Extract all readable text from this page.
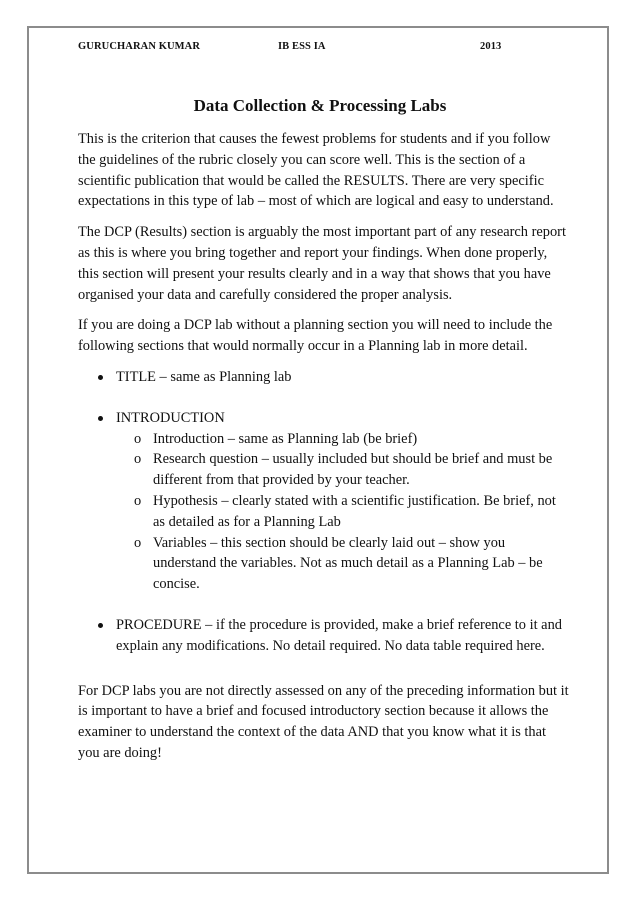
GURUCHARAN KUMAR	IB ESS IA	2013
Data Collection & Processing Labs

This is the criterion that causes the fewest problems for students and if you follow the guidelines of the rubric closely you can score well. This is the section of a scientific publication that would be called the RESULTS. There are very specific expectations in this type of lab – most of which are logical and easy to understand.

The DCP (Results) section is arguably the most important part of any research report as this is where you bring together and report your findings. When done properly, this section will present your results clearly and in a way that shows that you have organised your data and carefully considered the proper analysis.

If you are doing a DCP lab without a planning section you will need to include the following sections that would normally occur in a Planning lab in more detail.

TITLE – same as Planning lab
INTRODUCTION
o Introduction – same as Planning lab (be brief)
o Research question – usually included but should be brief and must be different from that provided by your teacher.
o Hypothesis – clearly stated with a scientific justification. Be brief, not as detailed as for a Planning Lab
o Variables – this section should be clearly laid out – show you understand the variables. Not as much detail as a Planning Lab – be concise.
PROCEDURE – if the procedure is provided, make a brief reference to it and explain any modifications. No detail required. No data table required here.

For DCP labs you are not directly assessed on any of the preceding information but it is important to have a brief and focused introductory section because it allows the examiner to understand the context of the data AND that you know what it is that you are doing!
